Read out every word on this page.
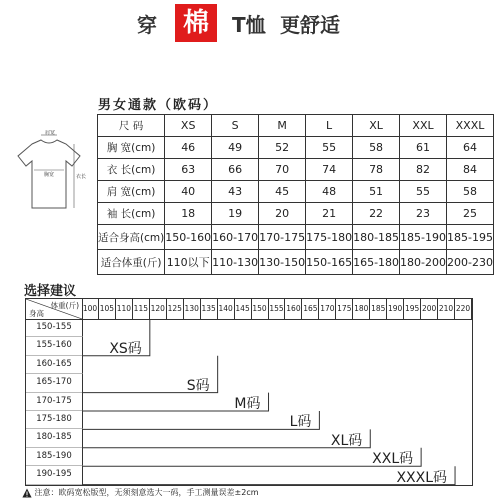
穿 棉	T恤 更舒适
男女通款（欧码）
肩宽
胸宽	衣长
尺 码	XS	S	M	L	XL	XXL	XXXL
胸 宽(cm)	46	49	52	55	58	61	64
衣 长(cm)	63	66	70	74	78	82	84
肩 宽(cm)	40	43	45	48	51	55	58
袖 长(cm)	18	19	20	21	22	23	25
适合身高(cm)	150-160	160-170	170-175	175-180	180-185	185-190	185-195
适合体重(斤)	110以下	110-130	130-150	150-165	165-180	180-200	200-230
选择建议
体重(斤)
身高
100 105 110 115 120 125 130 135 140 145 150 155 160 165 170 175 180 185 190 195 200 210 220
150-155
155-160
160-165
165-170
170-175
175-180
180-185
185-190
190-195
XS码
S码
M码
L码
XL码
XXL码
XXXL码
注意：欧码宽松版型，无须刻意选大一码，手工测量误差±2cm
